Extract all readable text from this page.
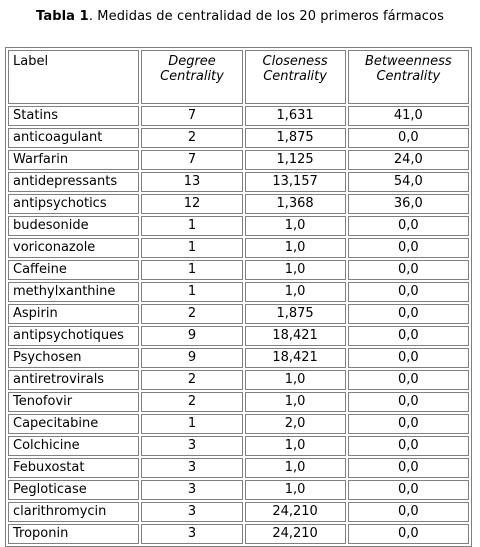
Tabla 1. Medidas de centralidad de los 20 primeros fármacos
Label	Degree Centrality	Closeness Centrality	Betweenness Centrality
Statins	7	1,631	41,0
anticoagulant	2	1,875	0,0
Warfarin	7	1,125	24,0
antidepressants	13	13,157	54,0
antipsychotics	12	1,368	36,0
budesonide	1	1,0	0,0
voriconazole	1	1,0	0,0
Caffeine	1	1,0	0,0
methylxanthine	1	1,0	0,0
Aspirin	2	1,875	0,0
antipsychotiques	9	18,421	0,0
Psychosen	9	18,421	0,0
antiretrovirals	2	1,0	0,0
Tenofovir	2	1,0	0,0
Capecitabine	1	2,0	0,0
Colchicine	3	1,0	0,0
Febuxostat	3	1,0	0,0
Pegloticase	3	1,0	0,0
clarithromycin	3	24,210	0,0
Troponin	3	24,210	0,0
